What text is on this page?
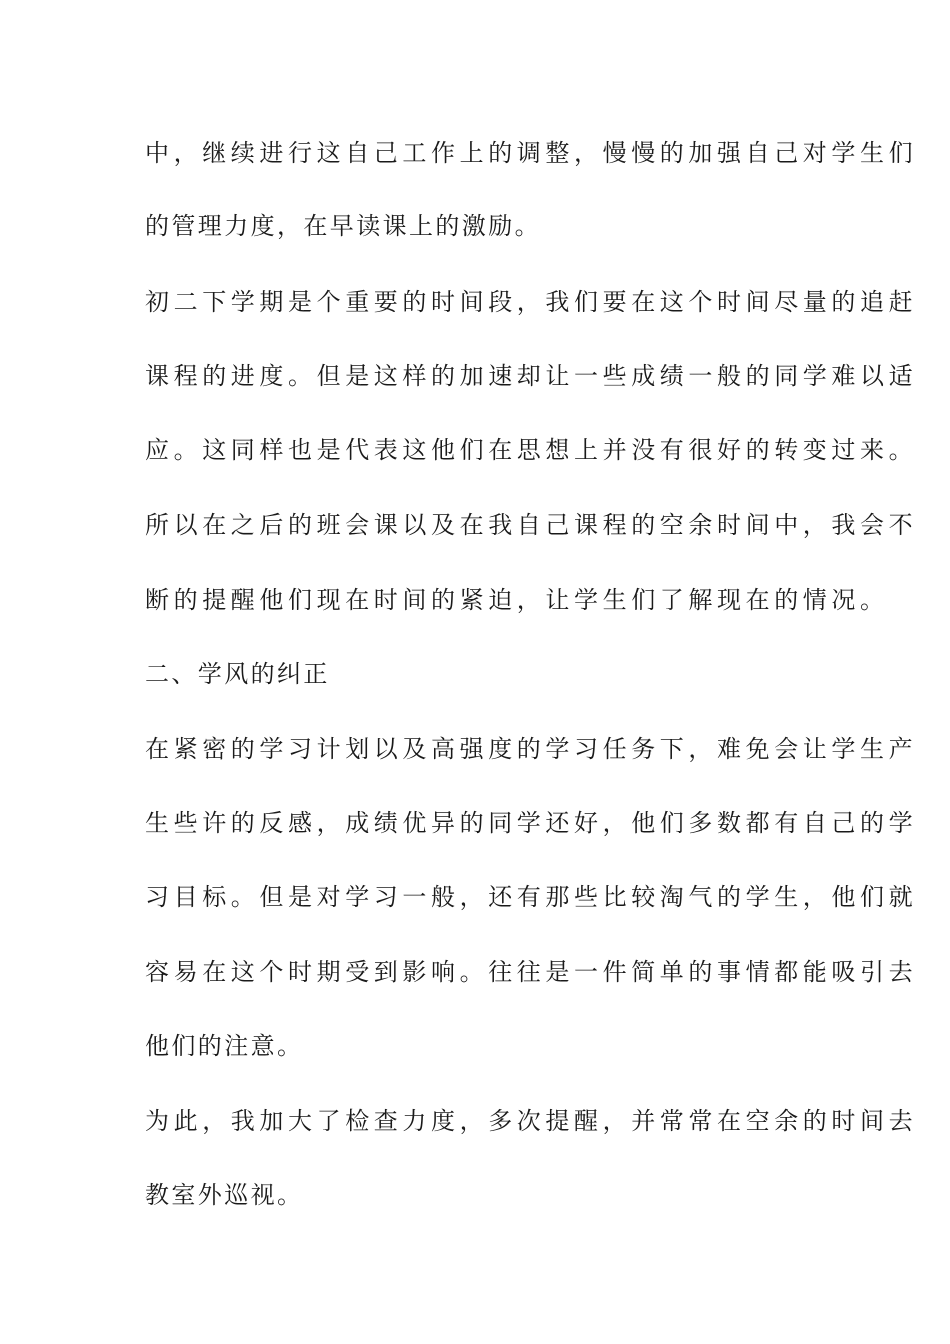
中，继续进行这自己工作上的调整，慢慢的加强自己对学生们
的管理力度，在早读课上的激励。
初二下学期是个重要的时间段，我们要在这个时间尽量的追赶
课程的进度。但是这样的加速却让一些成绩一般的同学难以适
应。这同样也是代表这他们在思想上并没有很好的转变过来。
所以在之后的班会课以及在我自己课程的空余时间中，我会不
断的提醒他们现在时间的紧迫，让学生们了解现在的情况。
二、学风的纠正
在紧密的学习计划以及高强度的学习任务下，难免会让学生产
生些许的反感，成绩优异的同学还好，他们多数都有自己的学
习目标。但是对学习一般，还有那些比较淘气的学生，他们就
容易在这个时期受到影响。往往是一件简单的事情都能吸引去
他们的注意。
为此，我加大了检查力度，多次提醒，并常常在空余的时间去
教室外巡视。
